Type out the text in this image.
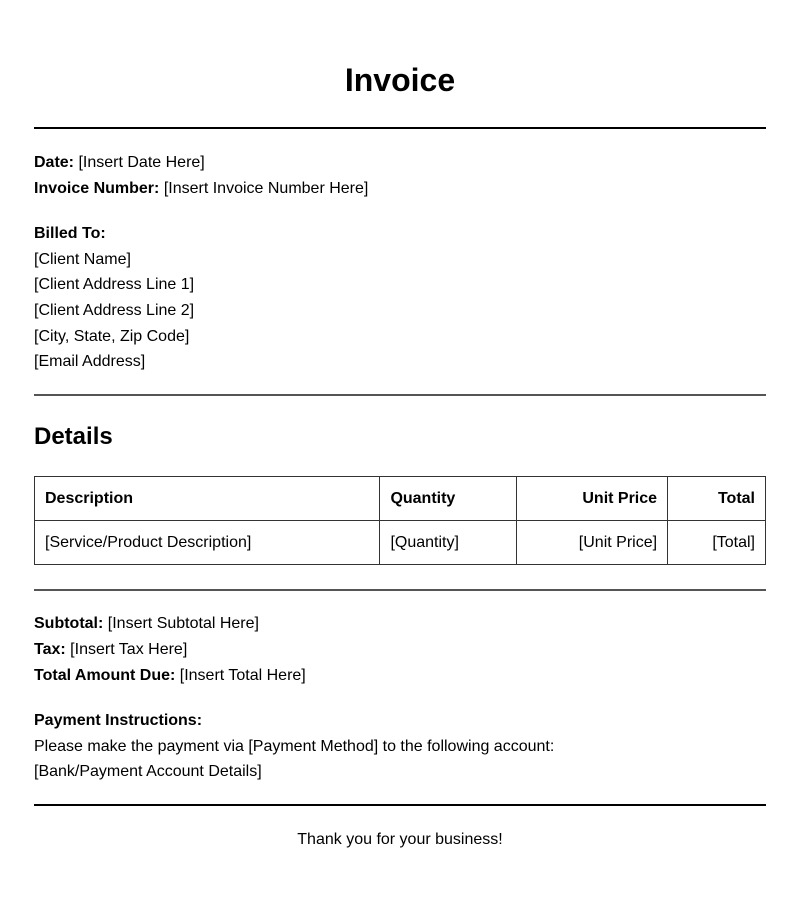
Invoice
Date: [Insert Date Here]
Invoice Number: [Insert Invoice Number Here]
Billed To:
[Client Name]
[Client Address Line 1]
[Client Address Line 2]
[City, State, Zip Code]
[Email Address]
Details
Description	Quantity	Unit Price	Total
[Service/Product Description]	[Quantity]	[Unit Price]	[Total]
Subtotal: [Insert Subtotal Here]
Tax: [Insert Tax Here]
Total Amount Due: [Insert Total Here]
Payment Instructions:
Please make the payment via [Payment Method] to the following account:
[Bank/Payment Account Details]
Thank you for your business!
